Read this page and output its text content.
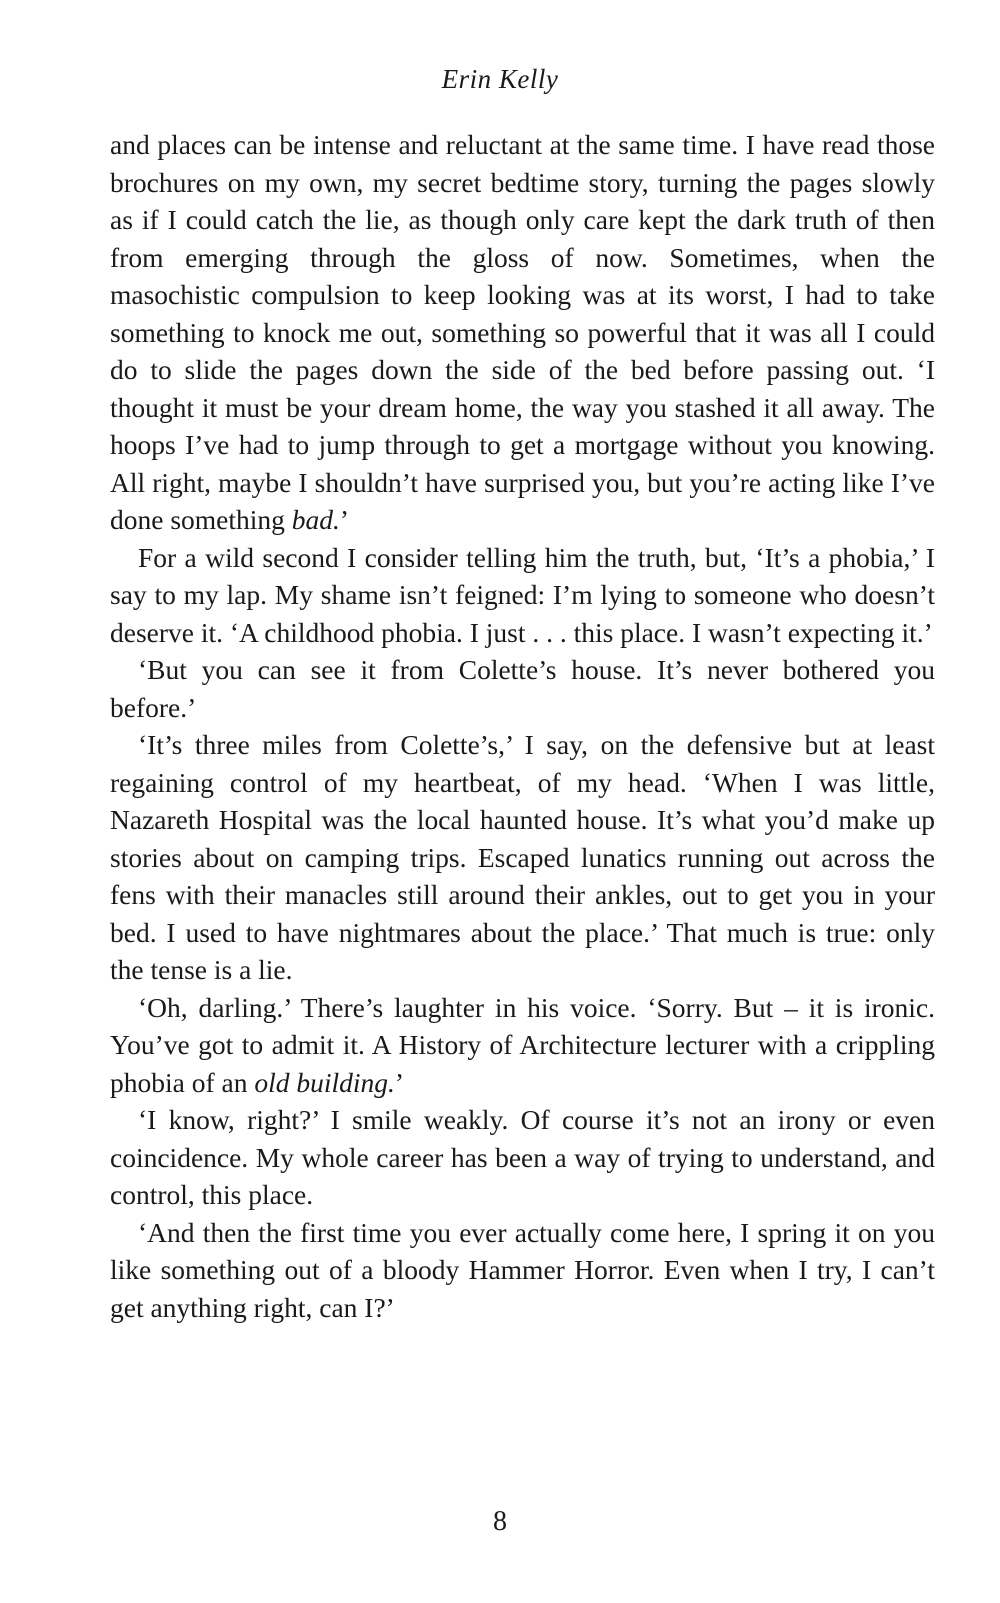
Erin Kelly

and places can be intense and reluctant at the same time. I have read those brochures on my own, my secret bedtime story, turning the pages slowly as if I could catch the lie, as though only care kept the dark truth of then from emerging through the gloss of now. Sometimes, when the masochistic compulsion to keep looking was at its worst, I had to take something to knock me out, something so powerful that it was all I could do to slide the pages down the side of the bed before passing out. ‘I thought it must be your dream home, the way you stashed it all away. The hoops I’ve had to jump through to get a mortgage without you knowing. All right, maybe I shouldn’t have surprised you, but you’re acting like I’ve done something bad.’

For a wild second I consider telling him the truth, but, ‘It’s a phobia,’ I say to my lap. My shame isn’t feigned: I’m lying to someone who doesn’t deserve it. ‘A childhood phobia. I just . . . this place. I wasn’t expecting it.’

‘But you can see it from Colette’s house. It’s never bothered you before.’

‘It’s three miles from Colette’s,’ I say, on the defensive but at least regaining control of my heartbeat, of my head. ‘When I was little, Nazareth Hospital was the local haunted house. It’s what you’d make up stories about on camping trips. Escaped lunatics running out across the fens with their manacles still around their ankles, out to get you in your bed. I used to have nightmares about the place.’ That much is true: only the tense is a lie.

‘Oh, darling.’ There’s laughter in his voice. ‘Sorry. But – it is ironic. You’ve got to admit it. A History of Architecture lecturer with a crippling phobia of an old building.’

‘I know, right?’ I smile weakly. Of course it’s not an irony or even coincidence. My whole career has been a way of trying to understand, and control, this place.

‘And then the first time you ever actually come here, I spring it on you like something out of a bloody Hammer Horror. Even when I try, I can’t get anything right, can I?’

8
